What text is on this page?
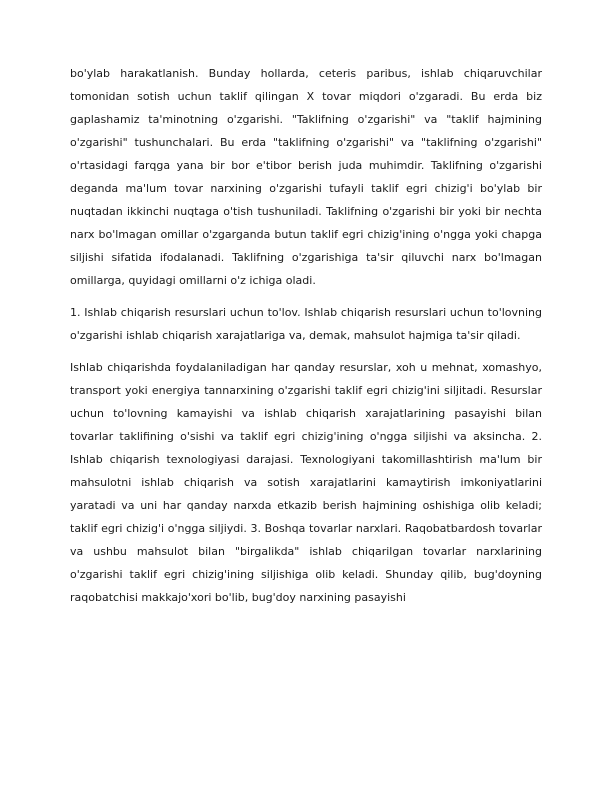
bo'ylab harakatlanish. Bunday hollarda, ceteris paribus, ishlab chiqaruvchilar tomonidan sotish uchun taklif qilingan X tovar miqdori o'zgaradi. Bu erda biz gaplashamiz ta'minotning o'zgarishi. "Taklifning o'zgarishi" va "taklif hajmining o'zgarishi" tushunchalari. Bu erda "taklifning o'zgarishi" va "taklifning o'zgarishi" o'rtasidagi farqga yana bir bor e'tibor berish juda muhimdir. Taklifning o'zgarishi deganda ma'lum tovar narxining o'zgarishi tufayli taklif egri chizig'i bo'ylab bir nuqtadan ikkinchi nuqtaga o'tish tushuniladi. Taklifning o'zgarishi bir yoki bir nechta narx bo'lmagan omillar o'zgarganda butun taklif egri chizig'ining o'ngga yoki chapga siljishi sifatida ifodalanadi. Taklifning o'zgarishiga ta'sir qiluvchi narx bo'lmagan omillarga, quyidagi omillarni o'z ichiga oladi.

1. Ishlab chiqarish resurslari uchun to'lov. Ishlab chiqarish resurslari uchun to'lovning o'zgarishi ishlab chiqarish xarajatlariga va, demak, mahsulot hajmiga ta'sir qiladi.

Ishlab chiqarishda foydalaniladigan har qanday resurslar, xoh u mehnat, xomashyo, transport yoki energiya tannarxining o'zgarishi taklif egri chizig'ini siljitadi. Resurslar uchun to'lovning kamayishi va ishlab chiqarish xarajatlarining pasayishi bilan tovarlar taklifining o'sishi va taklif egri chizig'ining o'ngga siljishi va aksincha. 2. Ishlab chiqarish texnologiyasi darajasi. Texnologiyani takomillashtirish ma'lum bir mahsulotni ishlab chiqarish va sotish xarajatlarini kamaytirish imkoniyatlarini yaratadi va uni har qanday narxda etkazib berish hajmining oshishiga olib keladi; taklif egri chizig'i o'ngga siljiydi. 3. Boshqa tovarlar narxlari. Raqobatbardosh tovarlar va ushbu mahsulot bilan "birgalikda" ishlab chiqarilgan tovarlar narxlarining o'zgarishi taklif egri chizig'ining siljishiga olib keladi. Shunday qilib, bug'doyning raqobatchisi makkajo'xori bo'lib, bug'doy narxining pasayishi
